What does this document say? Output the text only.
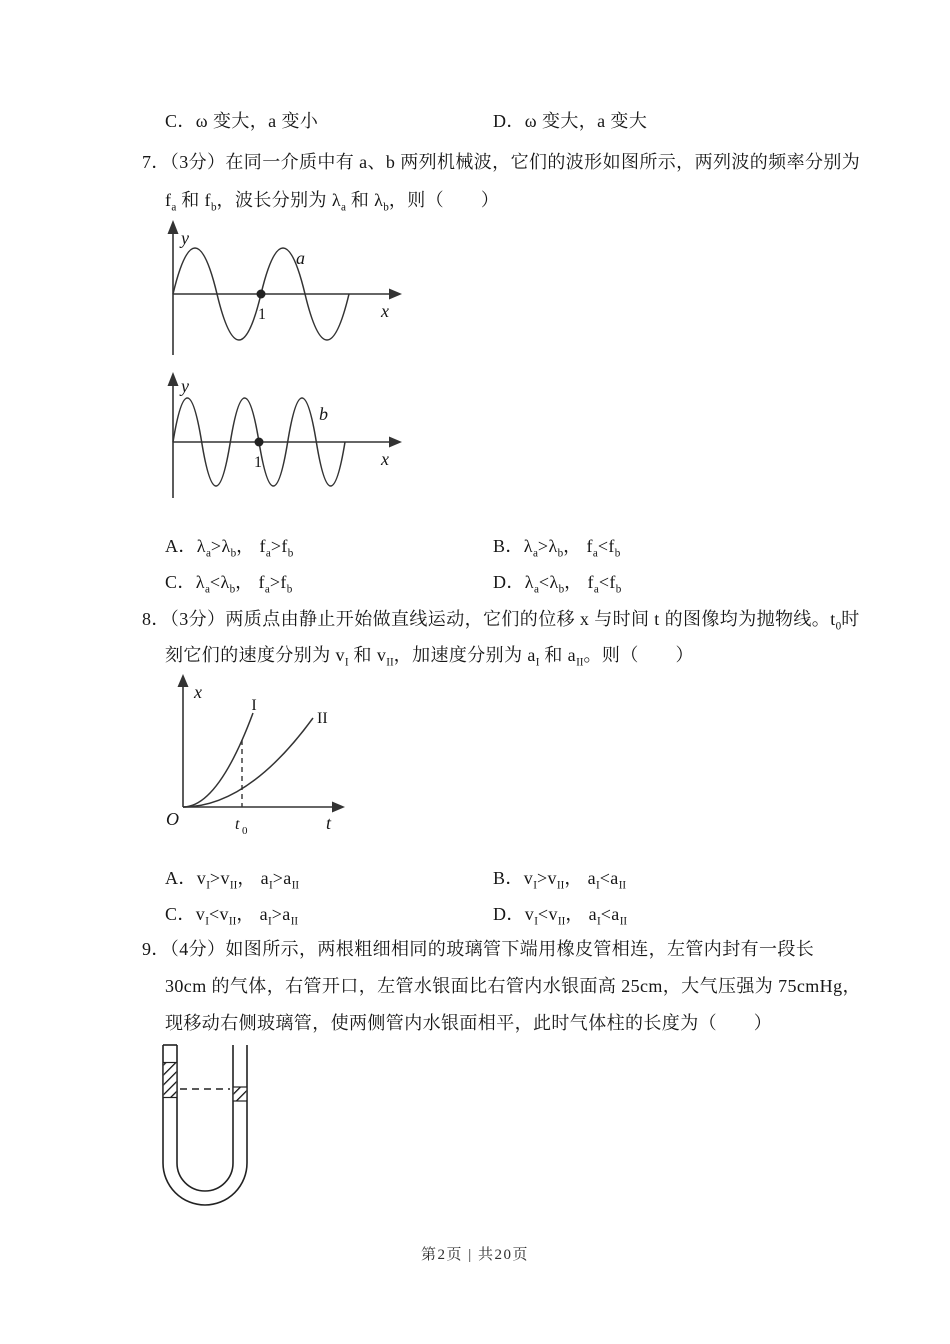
C．ω 变大，a 变小	D．ω 变大，a 变大
7．（3分）在同一介质中有 a、b 两列机械波，它们的波形如图所示，两列波的频率分别为
$f_a$ 和 $f_b$，波长分别为 $\lambda_a$ 和 $\lambda_b$，则（　　）
y
x
a
1
y
x
b
1
A．$\lambda_a>\lambda_b$， $f_a>f_b$	B．$\lambda_a>\lambda_b$， $f_a<f_b$
C．$\lambda_a<\lambda_b$， $f_a>f_b$	D．$\lambda_a<\lambda_b$， $f_a<f_b$
8．（3分）两质点由静止开始做直线运动，它们的位移 x 与时间 t 的图像均为抛物线。$t_0$时
刻它们的速度分别为 $v_I$ 和 $v_{II}$，加速度分别为 $a_I$ 和 $a_{II}$。则（　　）
x
t
O
I
II
t 0
A．$v_I>v_{II}$， $a_I>a_{II}$	B．$v_I>v_{II}$， $a_I<a_{II}$
C．$v_I<v_{II}$， $a_I>a_{II}$	D．$v_I<v_{II}$， $a_I<a_{II}$
9．（4分）如图所示，两根粗细相同的玻璃管下端用橡皮管相连，左管内封有一段长
30cm 的气体，右管开口，左管水银面比右管内水银面高 25cm，大气压强为 75cmHg，
现移动右侧玻璃管，使两侧管内水银面相平，此时气体柱的长度为（　　）
第2页 | 共20页
